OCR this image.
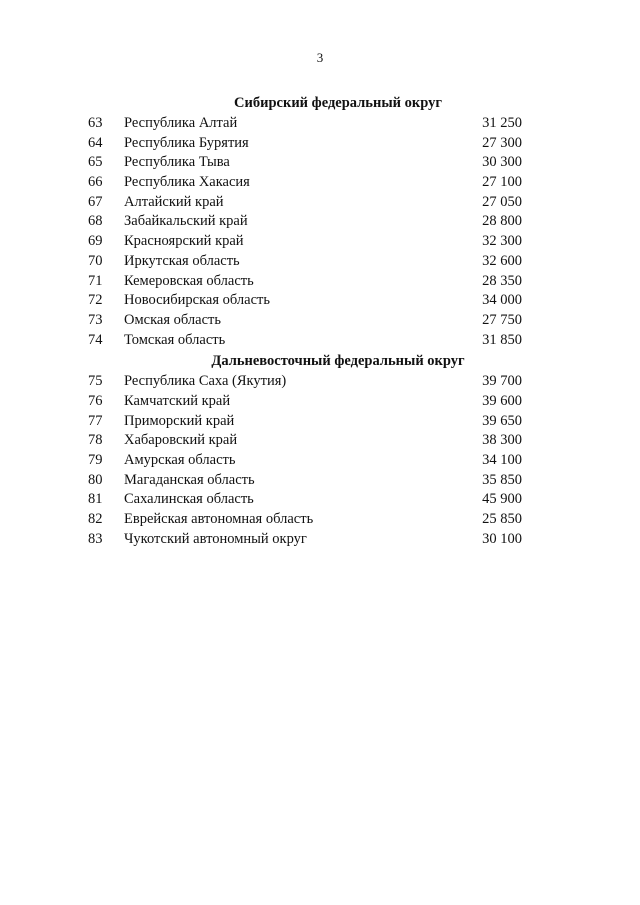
3
Сибирский федеральный округ
63	Республика Алтай	31 250
64	Республика Бурятия	27 300
65	Республика Тыва	30 300
66	Республика Хакасия	27 100
67	Алтайский край	27 050
68	Забайкальский край	28 800
69	Красноярский край	32 300
70	Иркутская область	32 600
71	Кемеровская область	28 350
72	Новосибирская область	34 000
73	Омская область	27 750
74	Томская область	31 850
Дальневосточный федеральный округ
75	Республика Саха (Якутия)	39 700
76	Камчатский край	39 600
77	Приморский край	39 650
78	Хабаровский край	38 300
79	Амурская область	34 100
80	Магаданская область	35 850
81	Сахалинская область	45 900
82	Еврейская автономная область	25 850
83	Чукотский автономный округ	30 100
